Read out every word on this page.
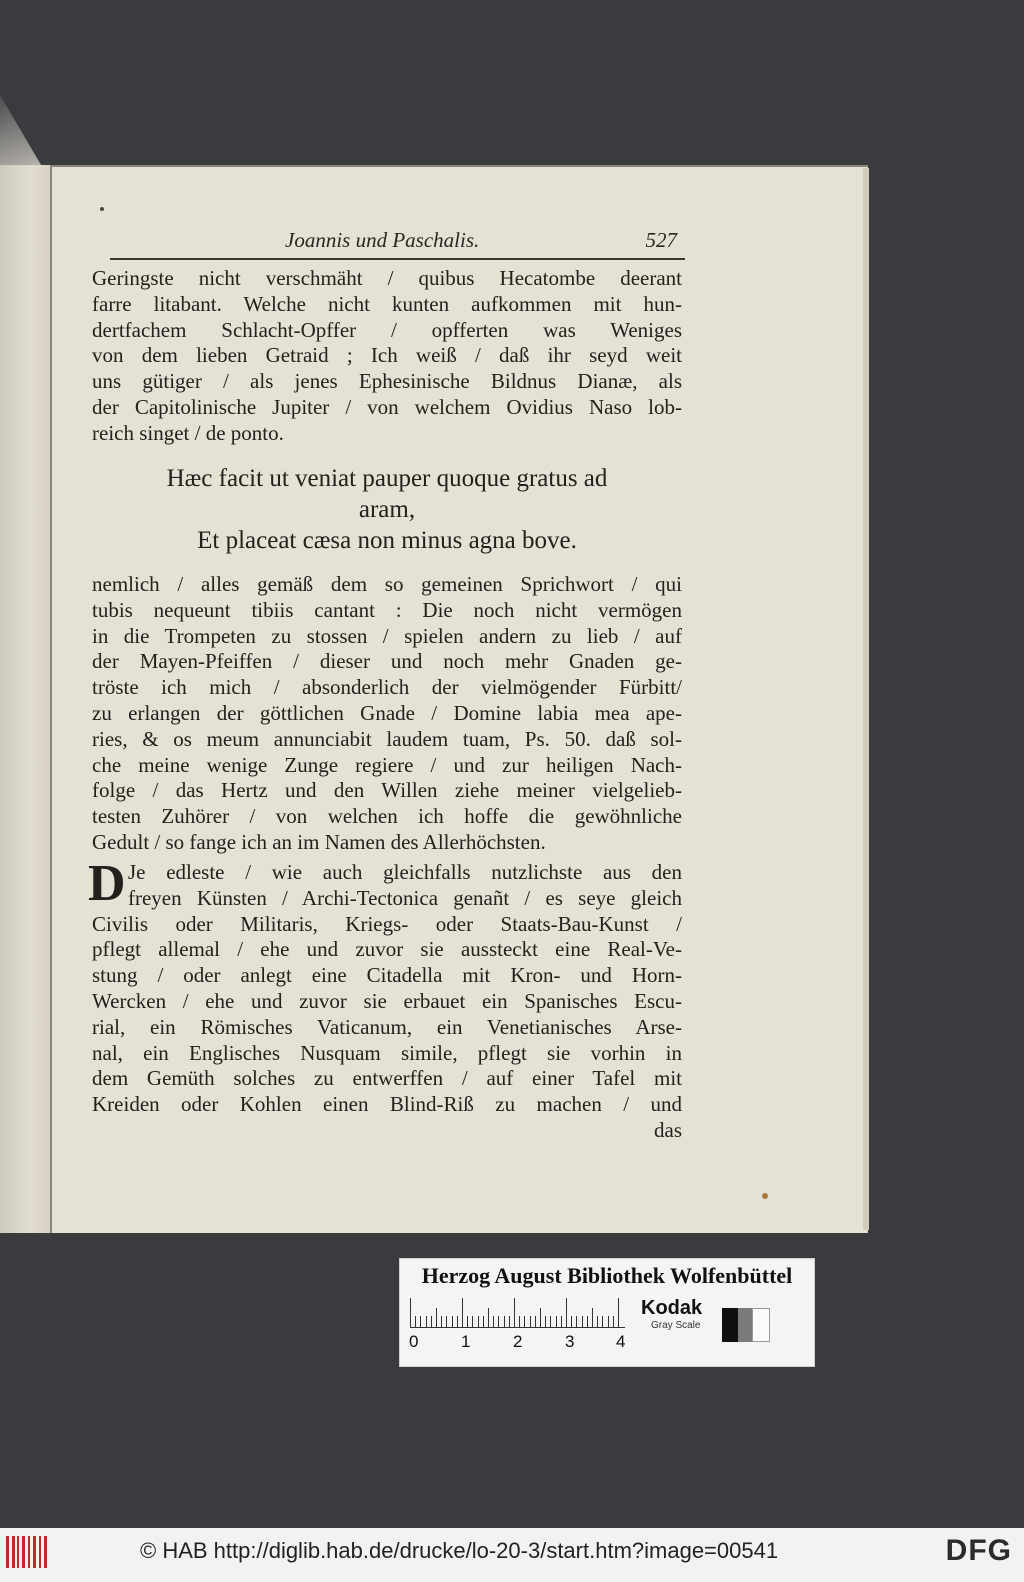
Joannis und Paschalis.	527
Geringste nicht verschmäht / quibus Hecatombe deerant
farre litabant. Welche nicht kunten aufkommen mit hun-
dertfachem Schlacht-Opffer / opfferten was Weniges
von dem lieben Getraid ; Ich weiß / daß ihr seyd weit
uns gütiger / als jenes Ephesinische Bildnus Dianæ, als
der Capitolinische Jupiter / von welchem Ovidius Naso lob-
reich singet / de ponto.
Hæc facit ut veniat pauper quoque gratus ad
aram,
Et placeat cæsa non minus agna bove.
nemlich / alles gemäß dem so gemeinen Sprichwort / qui
tubis nequeunt tibiis cantant : Die noch nicht vermögen
in die Trompeten zu stossen / spielen andern zu lieb / auf
der Mayen-Pfeiffen / dieser und noch mehr Gnaden ge-
tröste ich mich / absonderlich der vielmögender Fürbitt/
zu erlangen der göttlichen Gnade / Domine labia mea ape-
ries, & os meum annunciabit laudem tuam, Ps. 50. daß sol-
che meine wenige Zunge regiere / und zur heiligen Nach-
folge / das Hertz und den Willen ziehe meiner vielgelieb-
testen Zuhörer / von welchen ich hoffe die gewöhnliche
Gedult / so fange ich an im Namen des Allerhöchsten.
D Je edleste / wie auch gleichfalls nutzlichste aus den
freyen Künsten / Archi-Tectonica genañt / es seye gleich
Civilis oder Militaris, Kriegs- oder Staats-Bau-Kunst /
pflegt allemal / ehe und zuvor sie aussteckt eine Real-Ve-
stung / oder anlegt eine Citadella mit Kron- und Horn-
Wercken / ehe und zuvor sie erbauet ein Spanisches Escu-
rial, ein Römisches Vaticanum, ein Venetianisches Arse-
nal, ein Englisches Nusquam simile, pflegt sie vorhin in
dem Gemüth solches zu entwerffen / auf einer Tafel mit
Kreiden oder Kohlen einen Blind-Riß zu machen / und
das
Herzog August Bibliothek Wolfenbüttel
0	1	2	3 4
Kodak
Gray Scale
© HAB http://diglib.hab.de/drucke/lo-20-3/start.htm?image=00541	DFG
